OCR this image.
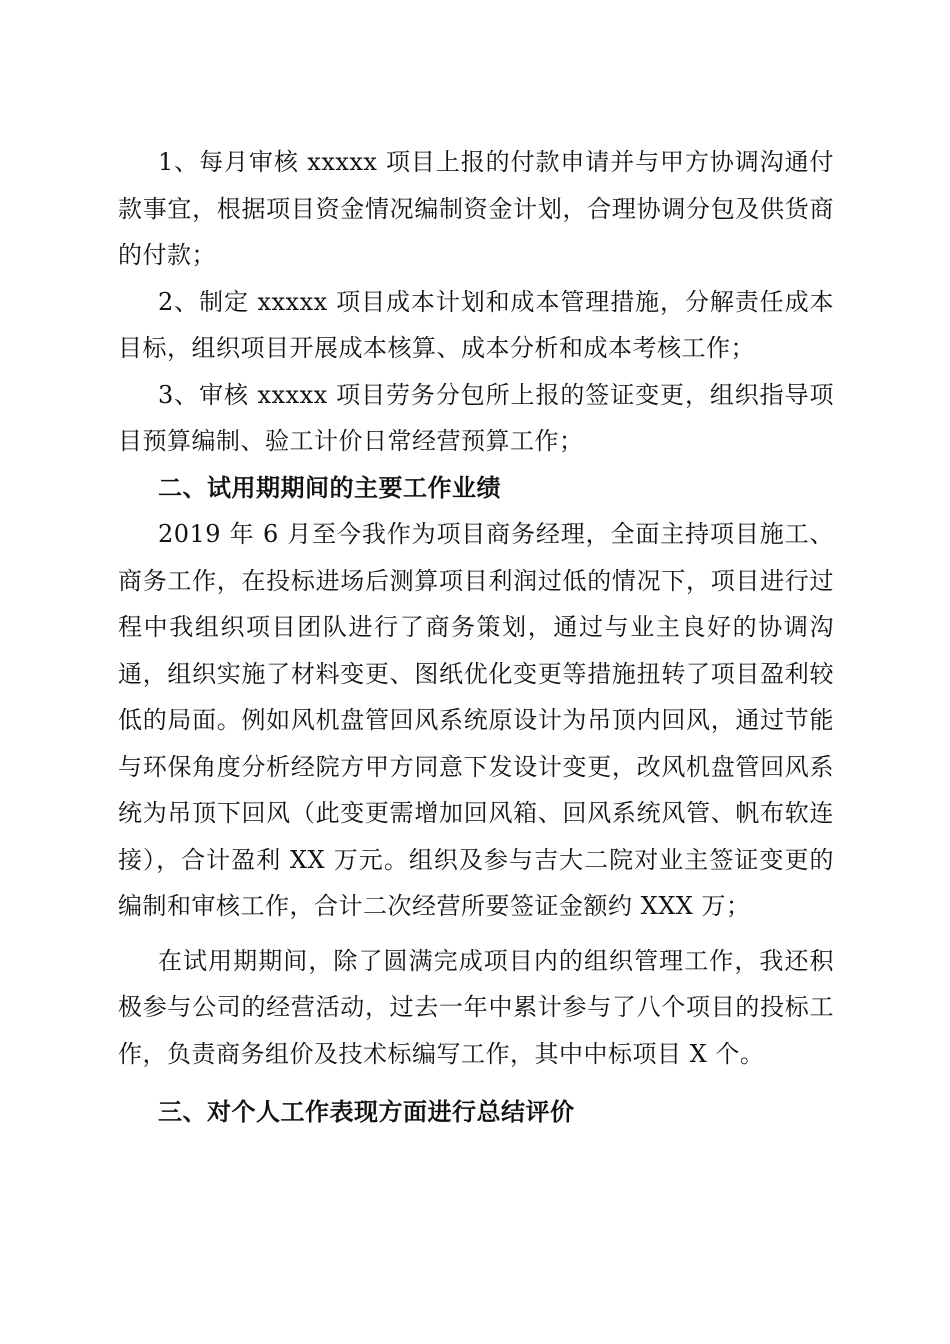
1、每月审核 xxxxx 项目上报的付款申请并与甲方协调沟通付款事宜，根据项目资金情况编制资金计划，合理协调分包及供货商的付款；

2、制定 xxxxx 项目成本计划和成本管理措施，分解责任成本目标，组织项目开展成本核算、成本分析和成本考核工作；

3、审核 xxxxx 项目劳务分包所上报的签证变更，组织指导项目预算编制、验工计价日常经营预算工作；

二、试用期期间的主要工作业绩

2019 年 6 月至今我作为项目商务经理，全面主持项目施工、商务工作，在投标进场后测算项目利润过低的情况下，项目进行过程中我组织项目团队进行了商务策划，通过与业主良好的协调沟通，组织实施了材料变更、图纸优化变更等措施扭转了项目盈利较低的局面。例如风机盘管回风系统原设计为吊顶内回风，通过节能与环保角度分析经院方甲方同意下发设计变更，改风机盘管回风系统为吊顶下回风（此变更需增加回风箱、回风系统风管、帆布软连接），合计盈利 XX 万元。组织及参与吉大二院对业主签证变更的编制和审核工作，合计二次经营所要签证金额约 XXX 万；

在试用期期间，除了圆满完成项目内的组织管理工作，我还积极参与公司的经营活动，过去一年中累计参与了八个项目的投标工作，负责商务组价及技术标编写工作，其中中标项目 X 个。

三、对个人工作表现方面进行总结评价
